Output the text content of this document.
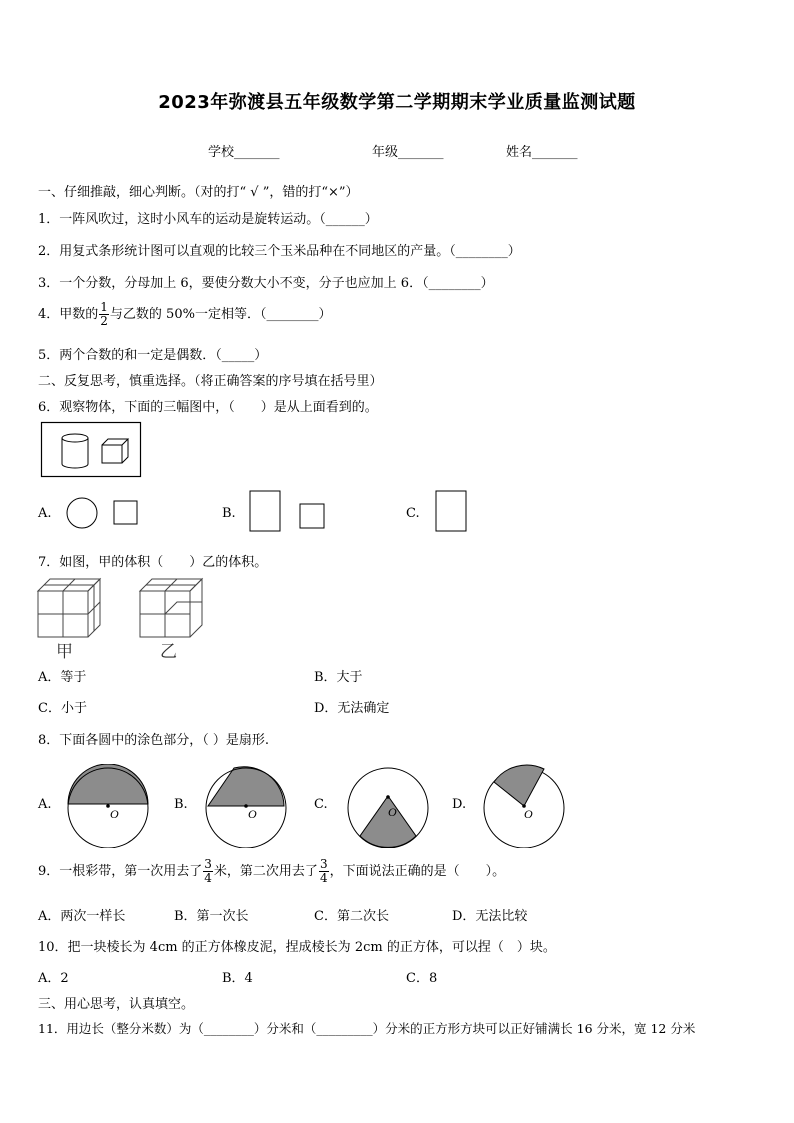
2023年弥渡县五年级数学第二学期期末学业质量监测试题
学校_______	年级_______	姓名_______
一、仔细推敲，细心判断。（对的打“ √ ”，错的打“×”）
1．一阵风吹过，这时小风车的运动是旋转运动。（______）
2．用复式条形统计图可以直观的比较三个玉米品种在不同地区的产量。（________）
3．一个分数，分母加上 6，要使分数大小不变，分子也应加上 6．（________）
4．甲数的 $\frac{1}{2}$ 与乙数的 50%一定相等．（________）
5．两个合数的和一定是偶数．（_____）
二、反复思考，慎重选择。（将正确答案的序号填在括号里）
6．观察物体，下面的三幅图中，（　　）是从上面看到的。
A.	B.	C.
7．如图，甲的体积（　　）乙的体积。
甲	乙
A．等于	B．大于
C．小于	D．无法确定
8．下面各圆中的涂色部分，（ ）是扇形.
A.
O
B.
O
C.	O	D.
O
9．一根彩带，第一次用去了 $\frac{3}{4}$ 米，第二次用去了 $\frac{3}{4}$ ，下面说法正确的是（　　）。
A．两次一样长	B．第一次长	C．第二次长	D．无法比较
10．把一块棱长为 4cm 的正方体橡皮泥，捏成棱长为 2cm 的正方体，可以捏（　）块。
A．2	B．4	C．8
三、用心思考，认真填空。
11．用边长（整分米数）为（________）分米和（_________）分米的正方形方块可以正好铺满长 16 分米，宽 12 分米
